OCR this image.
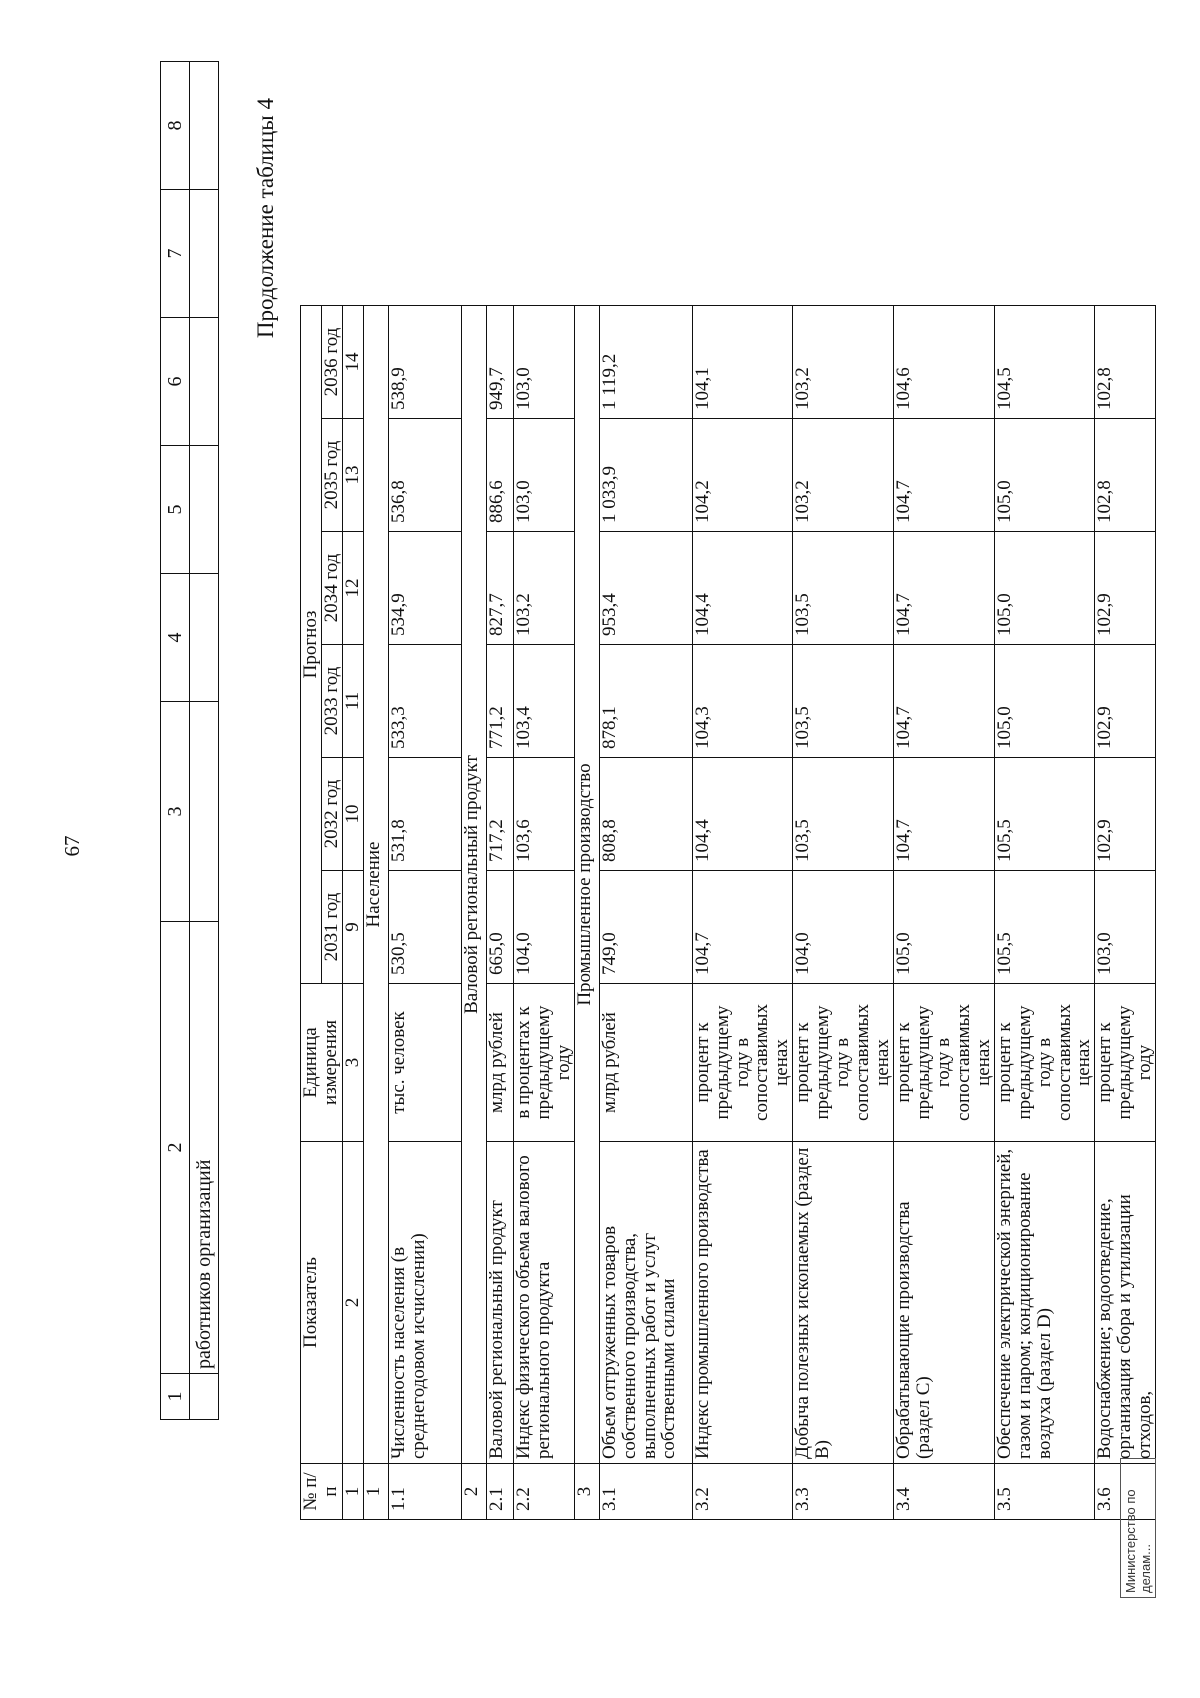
67
1	2	3	4	5	6	7	8
	работников организаций						
Продолжение таблицы 4
№ п/п	Показатель	Единица измерения	Прогноз					
			2031 год	2032 год	2033 год	2034 год	2035 год	2036 год
1	2	3	9	10	11	12	13	14
1	Население							
1.1	Численность населения (в среднегодовом исчислении)	тыс. человек	530,5	531,8	533,3	534,9	536,8	538,9
2	Валовой региональный продукт							
2.1	Валовой региональный продукт	млрд рублей	665,0	717,2	771,2	827,7	886,6	949,7
2.2	Индекс физического объема валового регионального продукта	в процентах к предыдущему году	104,0	103,6	103,4	103,2	103,0	103,0
3	Промышленное производство							
3.1	Объем отгруженных товаров собственного производства, выполненных работ и услуг собственными силами	млрд рублей	749,0	808,8	878,1	953,4	1 033,9	1 119,2
3.2	Индекс промышленного производства	процент к предыдущему году в сопоставимых ценах	104,7	104,4	104,3	104,4	104,2	104,1
3.3	Добыча полезных ископаемых (раздел В)	процент к предыдущему году в сопоставимых ценах	104,0	103,5	103,5	103,5	103,2	103,2
3.4	Обрабатывающие производства (раздел С)	процент к предыдущему году в сопоставимых ценах	105,0	104,7	104,7	104,7	104,7	104,6
3.5	Обеспечение электрической энергией, газом и паром; кондиционирование воздуха (раздел D)	процент к предыдущему году в сопоставимых ценах	105,5	105,5	105,0	105,0	105,0	104,5
3.6	Водоснабжение; водоотведение, организация сбора и утилизации отходов,	процент к предыдущему году	103,0	102,9	102,9	102,9	102,8	102,8
Министерство по делам...
